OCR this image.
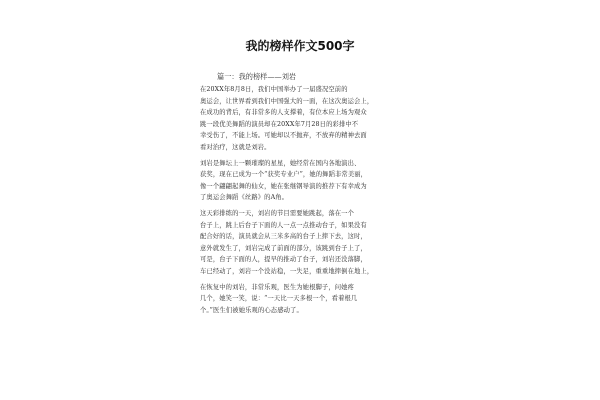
我的榜样作文500字

篇一：我的榜样——刘岩

在20XX年8月8日，我们中国举办了一届盛况空前的
奥运会，让世界看到我们中国强大的一面，在这次奥运会上，
在成功的背后，有非常多的人支撑着，有位本应上场为观众
跳一段优美舞蹈的演员却在20XX年7月28日的彩排中不
幸受伤了，不能上场。可她却以不抛弃，不放弃的精神去面
看对治疗，这就是刘岩。
刘岩是舞坛上一颗璀璨的星星，她经常在国内各地演出、
获奖，现在已成为一个“获奖专业户”，她的舞蹈非常美丽，
像一个翩翩起舞的仙女，她在张继钢导演的推荐下有幸成为
了奥运会舞蹈《丝路》的A角。
这天彩排练的一天，刘岩的节目需要她跳起，落在一个
台子上，跳上后台子下面的人一点一点推动台子，如果没有
配合好的话，演员就会从三米多高的台子上摔下去，这时，
意外就发生了，刘岩完成了前面的部分，该跳到台子上了，
可是，台子下面的人，提早的推动了台子，刘岩还没落脚，
车已经动了，刘岩一个没站稳，一失足，重重地摔倒在地上，
在恢复中的刘岩，非常乐观，医生为她根脚子，问她疼
几个，她笑一笑，说：“一天比一天多根一个，看着根几
个。”医生们被她乐观的心态感动了。
